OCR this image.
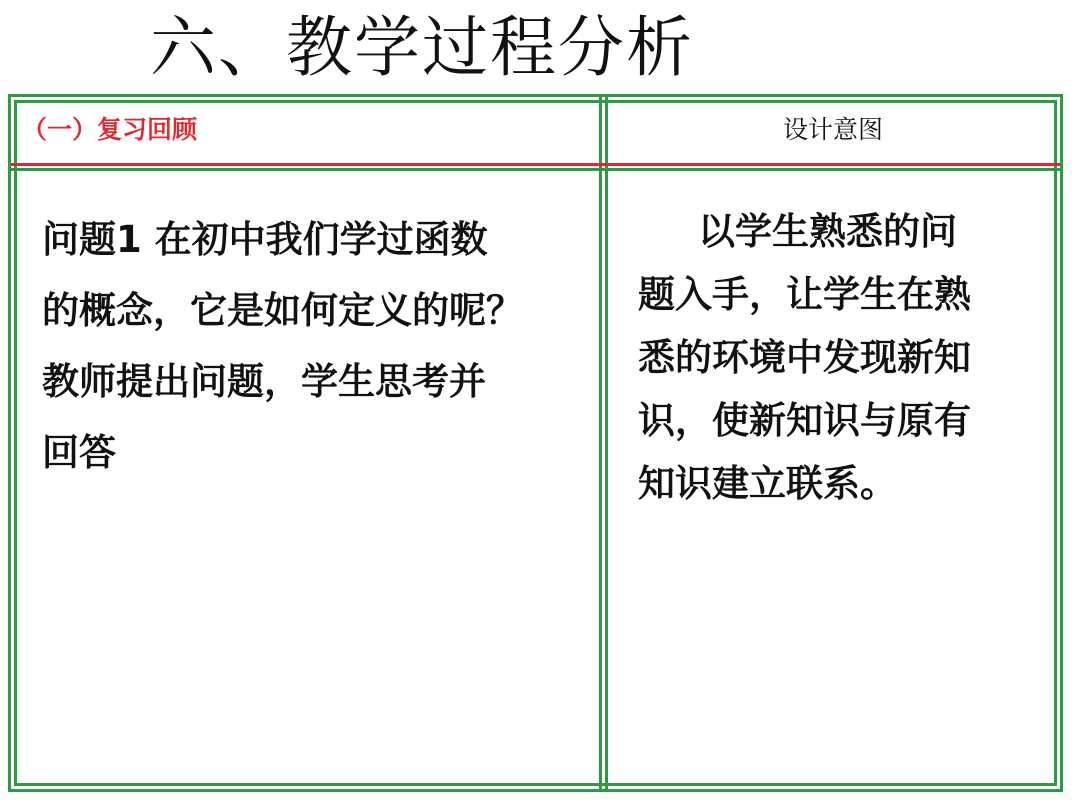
六、教学过程分析
（一）复习回顾	设计意图
问题1 在初中我们学过函数
的概念，它是如何定义的呢？
教师提出问题，学生思考并
回答
以学生熟悉的问
题入手，让学生在熟
悉的环境中发现新知
识，使新知识与原有
知识建立联系。
